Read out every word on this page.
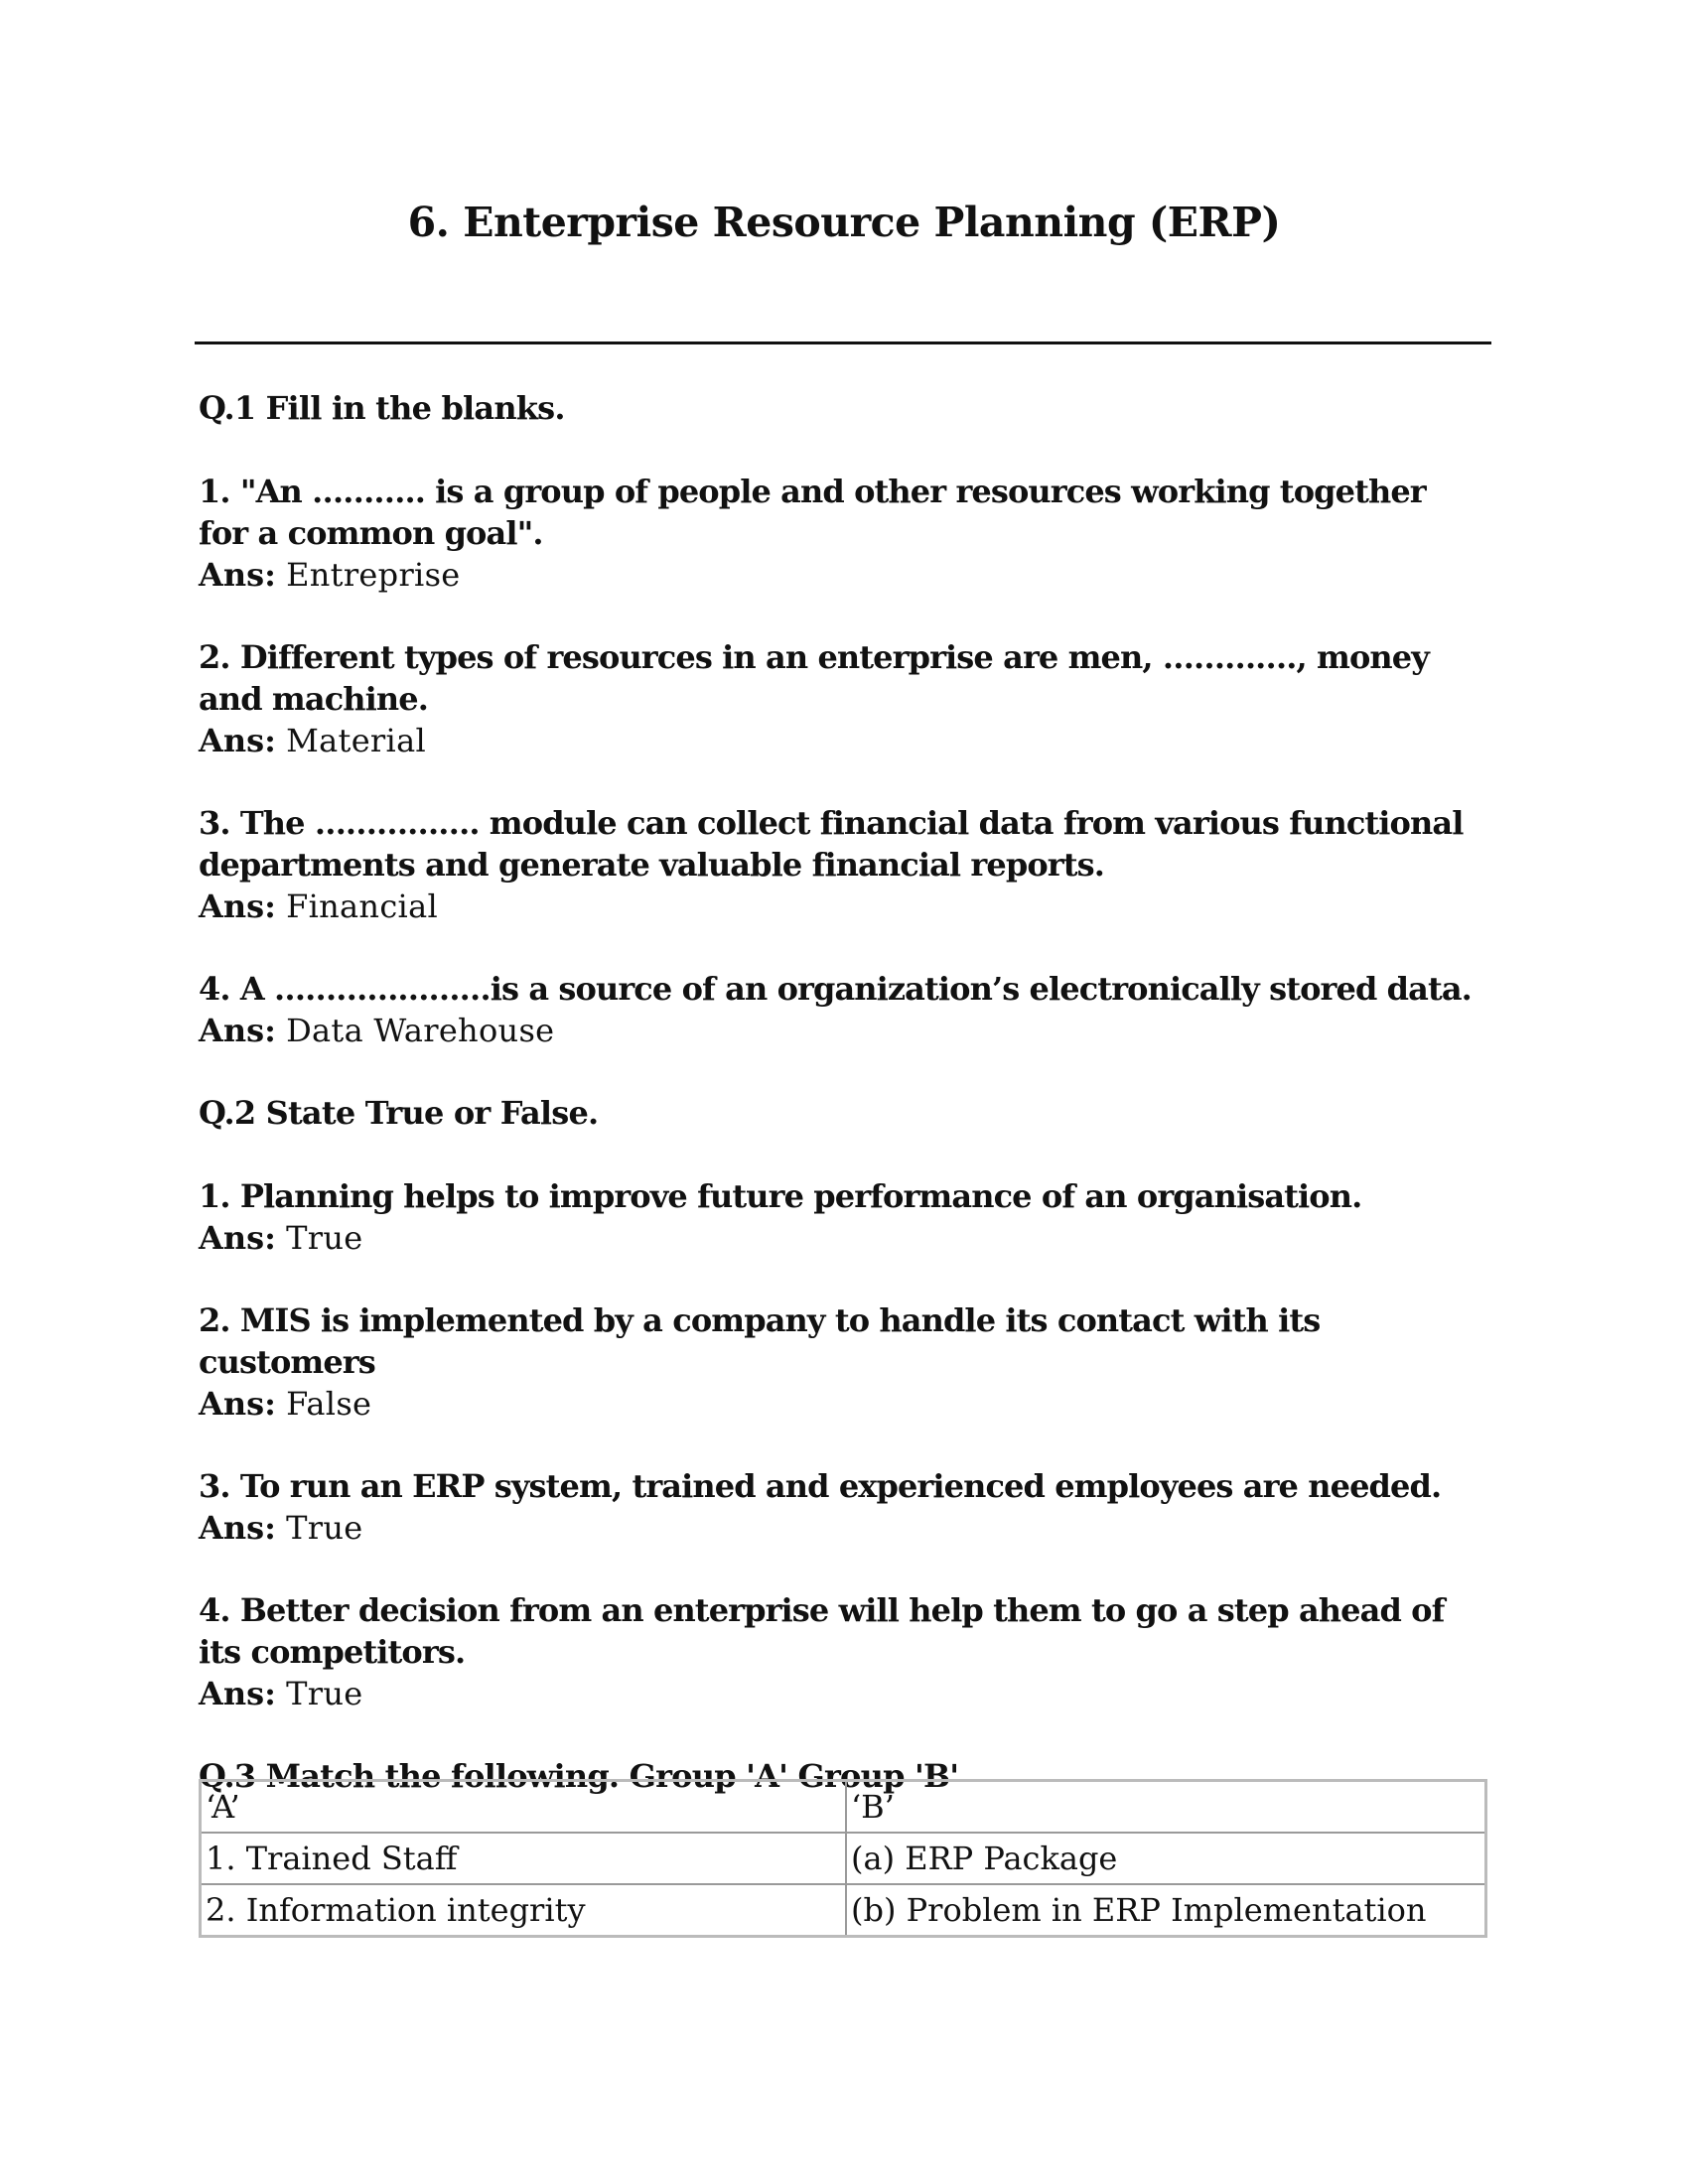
6. Enterprise Resource Planning (ERP)
Q.1 Fill in the blanks.
1. "An ……….. is a group of people and other resources working together for a common goal".
Ans: Entreprise
2. Different types of resources in an enterprise are men, …………., money and machine.
Ans: Material
3. The ……………. module can collect financial data from various functional departments and generate valuable financial reports.
Ans: Financial
4. A …………………is a source of an organization’s electronically stored data.
Ans: Data Warehouse
Q.2 State True or False.
1. Planning helps to improve future performance of an organisation.
Ans: True
2. MIS is implemented by a company to handle its contact with its customers
Ans: False
3. To run an ERP system, trained and experienced employees are needed.
Ans: True
4. Better decision from an enterprise will help them to go a step ahead of its competitors.
Ans: True
Q.3 Match the following. Group 'A' Group 'B'
‘A’	‘B’
1. Trained Staff	(a) ERP Package
2. Information integrity	(b) Problem in ERP Implementation
